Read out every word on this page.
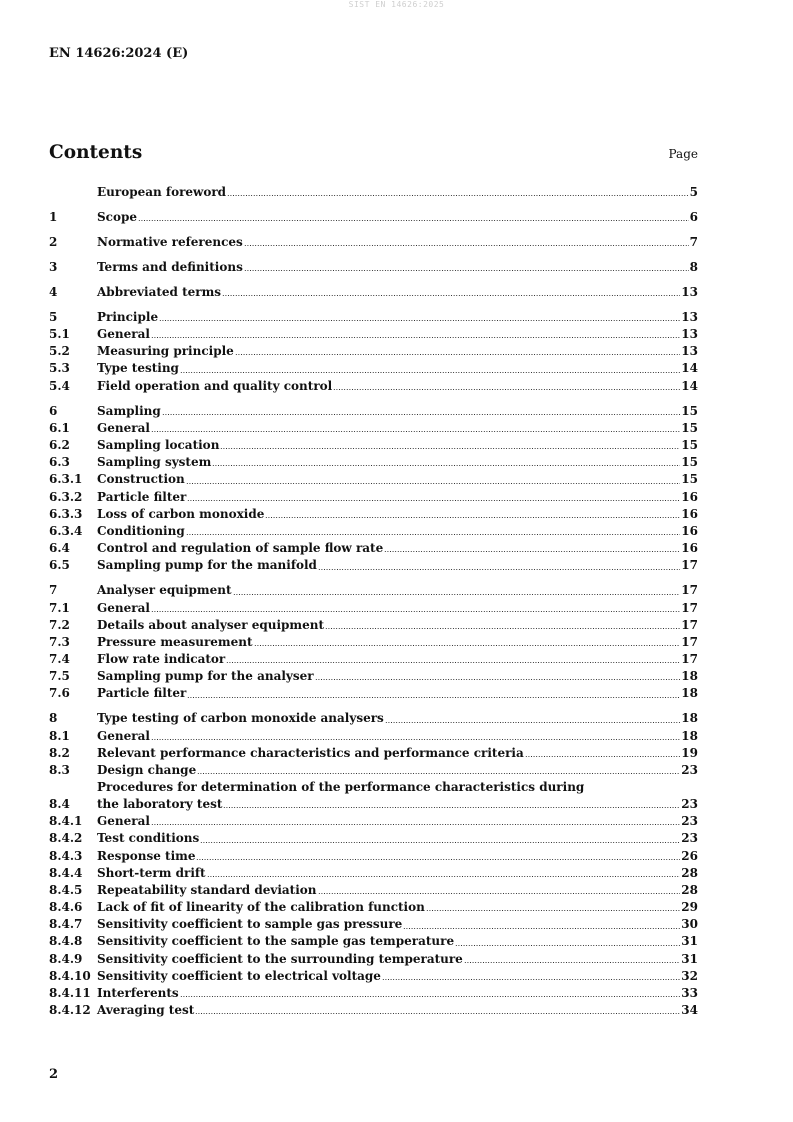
SIST EN 14626:2025
EN 14626:2024 (E)
Contents	Page
European foreword	5
1	Scope	6
2	Normative references	7
3	Terms and definitions	8
4	Abbreviated terms	13
5	Principle	13
5.1	General	13
5.2	Measuring principle	13
5.3	Type testing	14
5.4	Field operation and quality control	14
6	Sampling	15
6.1	General	15
6.2	Sampling location	15
6.3	Sampling system	15
6.3.1	Construction	15
6.3.2	Particle filter	16
6.3.3	Loss of carbon monoxide	16
6.3.4	Conditioning	16
6.4	Control and regulation of sample flow rate	16
6.5	Sampling pump for the manifold	17
7	Analyser equipment	17
7.1	General	17
7.2	Details about analyser equipment	17
7.3	Pressure measurement	17
7.4	Flow rate indicator	17
7.5	Sampling pump for the analyser	18
7.6	Particle filter	18
8	Type testing of carbon monoxide analysers	18
8.1	General	18
8.2	Relevant performance characteristics and performance criteria	19
8.3	Design change	23
8.4
Procedures for determination of the performance characteristics during
the laboratory test	23
8.4.1	General	23
8.4.2	Test conditions	23
8.4.3	Response time	26
8.4.4	Short-term drift	28
8.4.5	Repeatability standard deviation	28
8.4.6	Lack of fit of linearity of the calibration function	29
8.4.7	Sensitivity coefficient to sample gas pressure	30
8.4.8	Sensitivity coefficient to the sample gas temperature	31
8.4.9	Sensitivity coefficient to the surrounding temperature	31
8.4.10 Sensitivity coefficient to electrical voltage	32
8.4.11 Interferents	33
8.4.12 Averaging test	34
2
